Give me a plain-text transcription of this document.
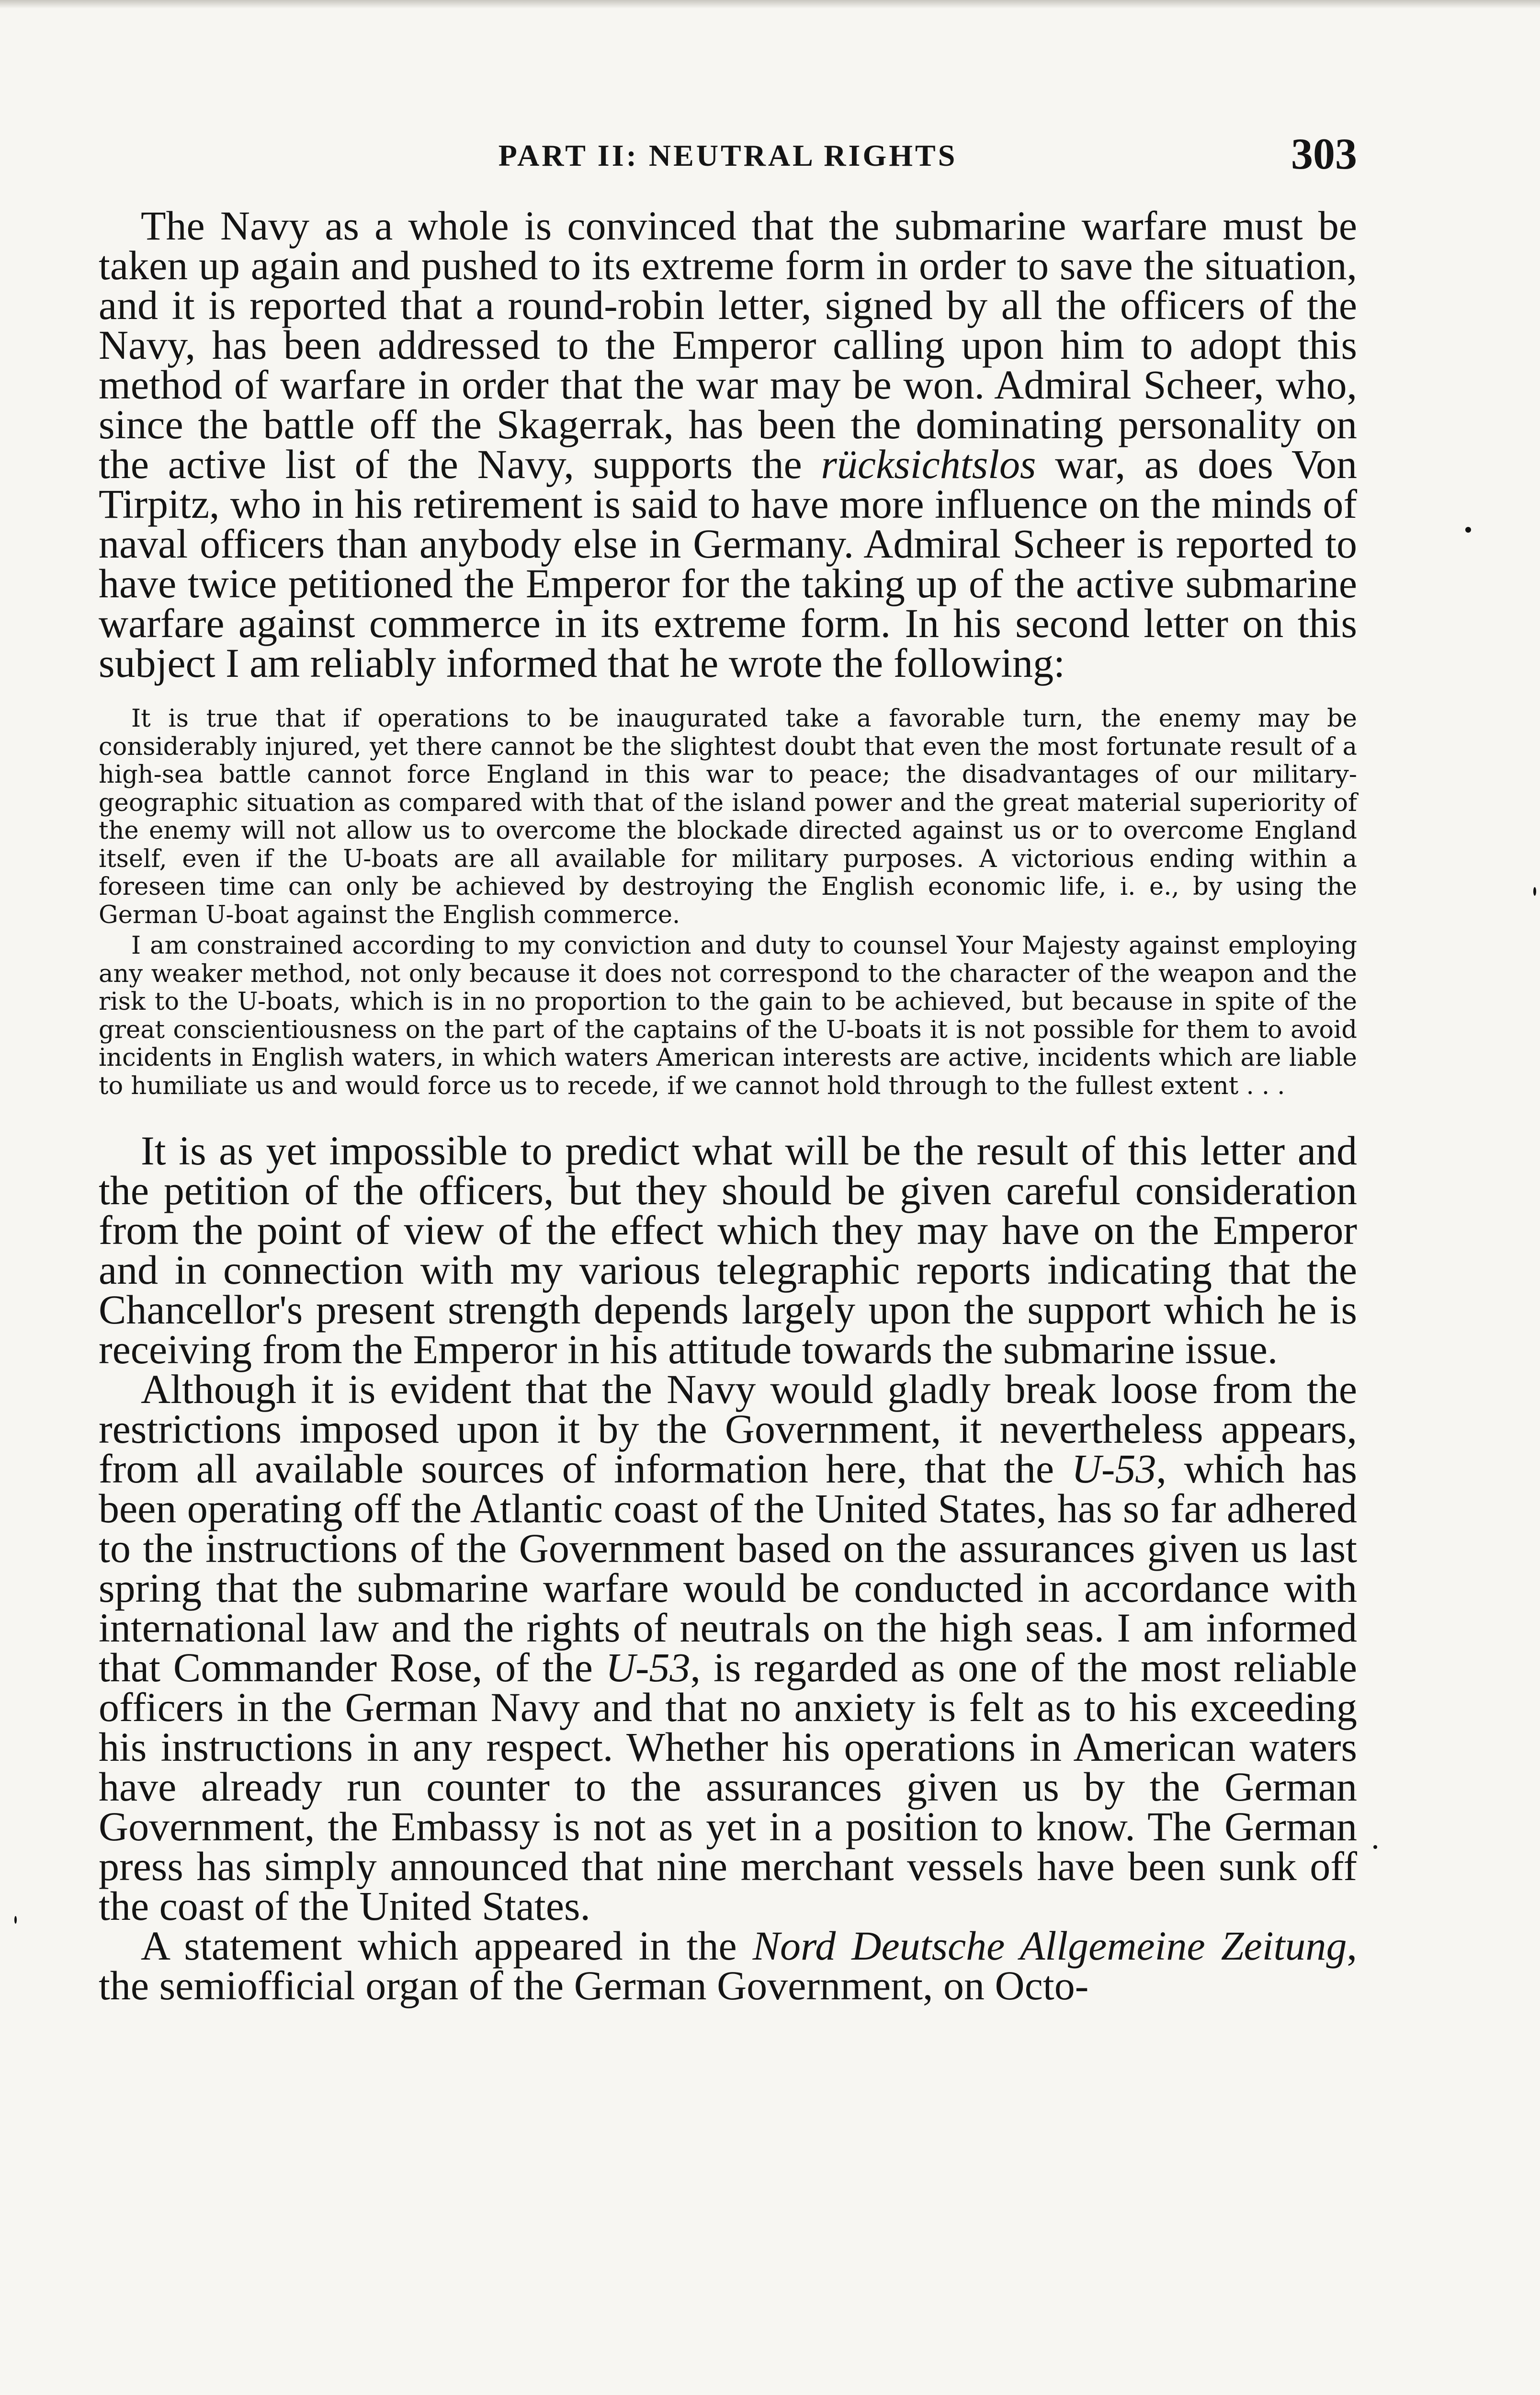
PART II: NEUTRAL RIGHTS	303

The Navy as a whole is convinced that the submarine warfare must be taken up again and pushed to its extreme form in order to save the situation, and it is reported that a round-robin letter, signed by all the officers of the Navy, has been addressed to the Emperor calling upon him to adopt this method of warfare in order that the war may be won. Admiral Scheer, who, since the battle off the Skagerrak, has been the dominating personality on the active list of the Navy, supports the rücksichtslos war, as does Von Tirpitz, who in his retirement is said to have more influence on the minds of naval officers than anybody else in Germany. Admiral Scheer is reported to have twice petitioned the Emperor for the taking up of the active submarine warfare against commerce in its extreme form. In his second letter on this subject I am reliably informed that he wrote the following:

It is true that if operations to be inaugurated take a favorable turn, the enemy may be considerably injured, yet there cannot be the slightest doubt that even the most fortunate result of a high-sea battle cannot force England in this war to peace; the disadvantages of our military-geographic situation as compared with that of the island power and the great material superiority of the enemy will not allow us to overcome the blockade directed against us or to overcome England itself, even if the U-boats are all available for military purposes. A victorious ending within a foreseen time can only be achieved by destroying the English economic life, i. e., by using the German U-boat against the English commerce.

I am constrained according to my conviction and duty to counsel Your Majesty against employing any weaker method, not only because it does not correspond to the character of the weapon and the risk to the U-boats, which is in no proportion to the gain to be achieved, but because in spite of the great conscientiousness on the part of the captains of the U-boats it is not possible for them to avoid incidents in English waters, in which waters American interests are active, incidents which are liable to humiliate us and would force us to recede, if we cannot hold through to the fullest extent . . .

It is as yet impossible to predict what will be the result of this letter and the petition of the officers, but they should be given careful consideration from the point of view of the effect which they may have on the Emperor and in connection with my various telegraphic reports indicating that the Chancellor's present strength depends largely upon the support which he is receiving from the Emperor in his attitude towards the submarine issue.

Although it is evident that the Navy would gladly break loose from the restrictions imposed upon it by the Government, it nevertheless appears, from all available sources of information here, that the U-53, which has been operating off the Atlantic coast of the United States, has so far adhered to the instructions of the Government based on the assurances given us last spring that the submarine warfare would be conducted in accordance with international law and the rights of neutrals on the high seas. I am informed that Commander Rose, of the U-53, is regarded as one of the most reliable officers in the German Navy and that no anxiety is felt as to his exceeding his instructions in any respect. Whether his operations in American waters have already run counter to the assurances given us by the German Government, the Embassy is not as yet in a position to know. The German press has simply announced that nine merchant vessels have been sunk off the coast of the United States.

A statement which appeared in the Nord Deutsche Allgemeine Zeitung, the semiofficial organ of the German Government, on Octo-
